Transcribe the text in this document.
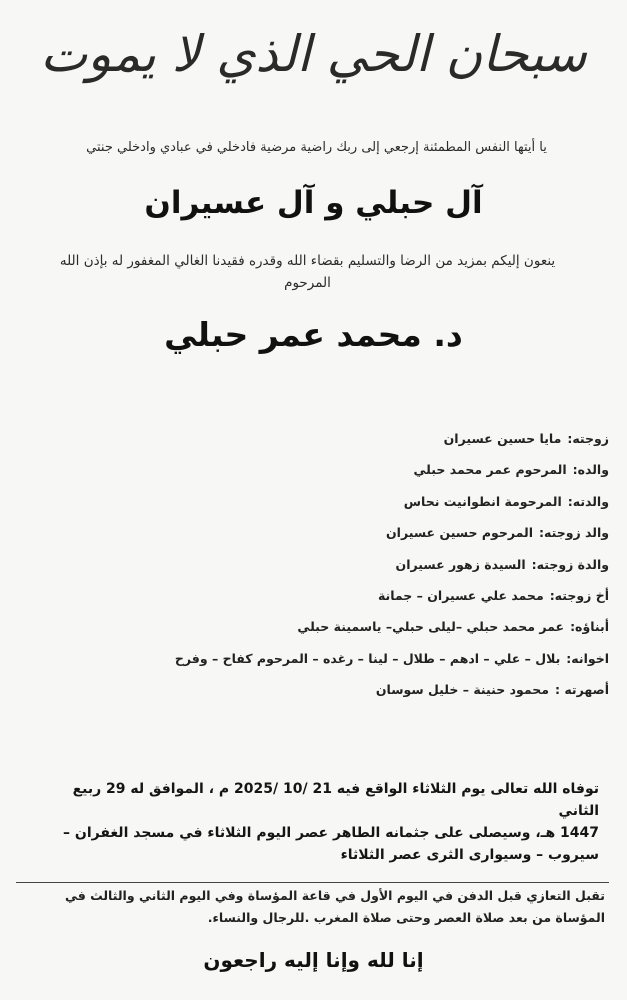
سبحان الحي الذي لا يموت
يا أيتها النفس المطمئنة إرجعي إلى ربك راضية مرضية فادخلي في عبادي وادخلي جنتي
آل حبلي و آل عسيران
ينعون إليكم بمزيد من الرضا والتسليم بقضاء الله وقدره فقيدنا الغالي المغفور له بإذن الله
المرحوم
د. محمد عمر حبلي
زوجته:مايا حسين عسيران
والده:المرحوم عمر محمد حبلي
والدته:المرحومة انطوانيت نحاس
والد زوجته:المرحوم حسين عسيران
والدة زوجته:السيدة زهور عسيران
أخ زوجته:محمد علي عسيران – جمانة
أبناؤه:عمر محمد حبلي –ليلى حبلي– ياسمينة حبلي
اخوانه:بلال – علي – ادهم – طلال – لينا – رغده – المرحوم كفاح – وفرح
أصهرته :محمود حنينة – خليل سوسان

توفاه الله تعالى يوم الثلاثاء الواقع فيه 21 /10 /2025 م ، الموافق له 29 ربيع الثاني

1447 هـ، وسيصلى على جثمانه الطاهر عصر اليوم الثلاثاء في مسجد الغفران –

سيروب – وسيوارى الثرى عصر الثلاثاء

تقبل التعازي قبل الدفن في اليوم الأول في قاعة المؤساة وفي اليوم الثاني والثالث في

المؤساة من بعد صلاة العصر وحتى صلاة المغرب .للرجال والنساء.

إنا لله وإنا إليه راجعون
